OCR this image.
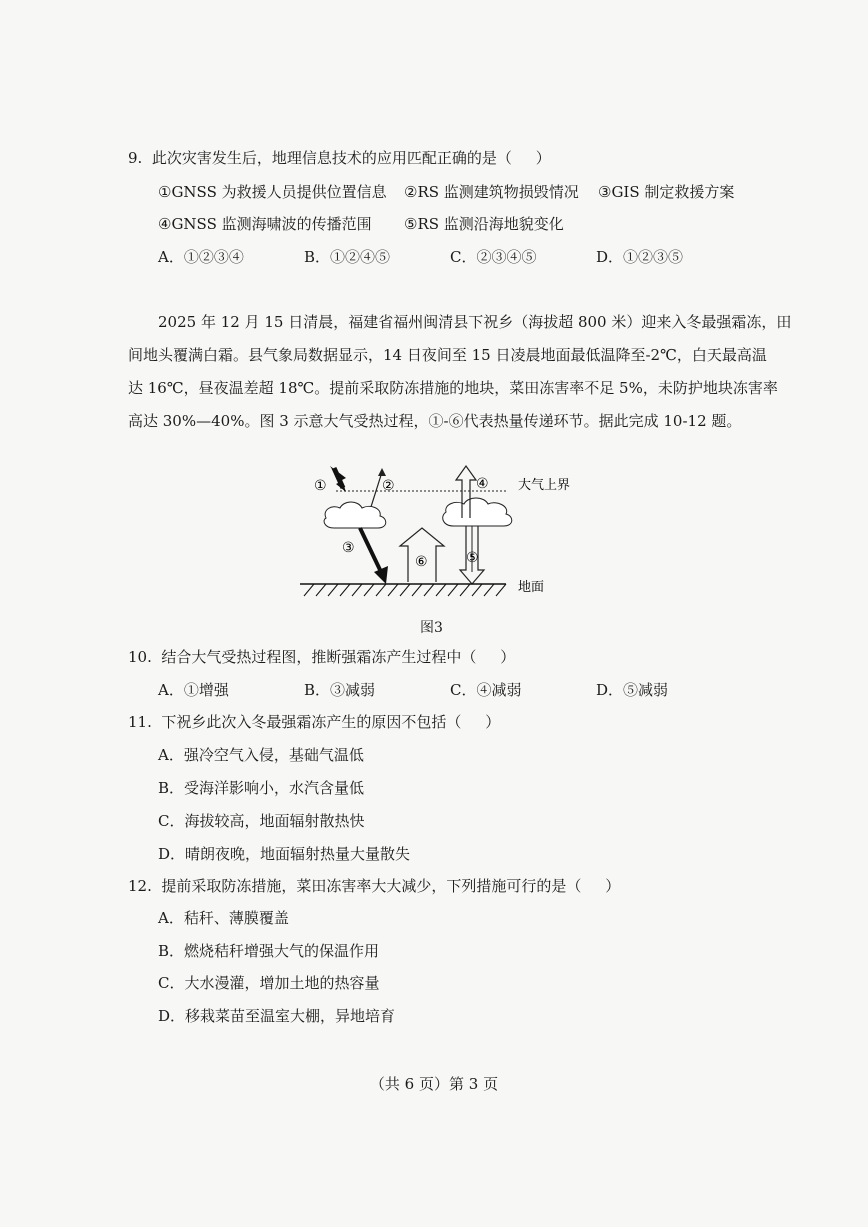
9.  此次灾害发生后，地理信息技术的应用匹配正确的是（     ）
①GNSS 为救援人员提供位置信息 ②RS 监测建筑物损毁情况 ③GIS 制定救援方案
④GNSS 监测海啸波的传播范围 ⑤RS 监测沿海地貌变化
A．①②③④	B．①②④⑤	C．②③④⑤	D．①②③⑤
2025 年 12 月 15 日清晨，福建省福州闽清县下祝乡（海拔超 800 米）迎来入冬最强霜冻，田
间地头覆满白霜。县气象局数据显示，14 日夜间至 15 日凌晨地面最低温降至-2℃，白天最高温
达 16℃，昼夜温差超 18℃。提前采取防冻措施的地块，菜田冻害率不足 5%，未防护地块冻害率
高达 30%—40%。图 3 示意大气受热过程，①-⑥代表热量传递环节。据此完成 10-12 题。
①	②
③
④
⑤
⑥
大气上界
地面
图3
10.  结合大气受热过程图，推断强霜冻产生过程中（     ）
A．①增强	B．③减弱	C．④减弱	D．⑤减弱
11.  下祝乡此次入冬最强霜冻产生的原因不包括（     ）
A．强冷空气入侵，基础气温低
B．受海洋影响小，水汽含量低
C．海拔较高，地面辐射散热快
D．晴朗夜晚，地面辐射热量大量散失
12.  提前采取防冻措施，菜田冻害率大大减少，下列措施可行的是（     ）
A．秸秆、薄膜覆盖
B．燃烧秸秆增强大气的保温作用
C．大水漫灌，增加土地的热容量
D．移栽菜苗至温室大棚，异地培育
（共 6 页）第 3 页
